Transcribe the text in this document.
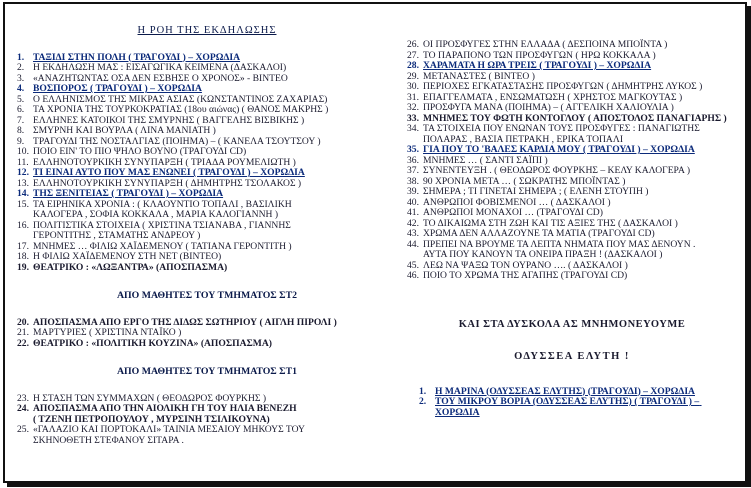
Η ΡΟΗ ΤΗΣ ΕΚΔΗΛΩΣΗΣ
1. ΤΑΞΙΔΙ ΣΤΗΝ ΠΟΛΗ ( ΤΡΑΓΟΥΔΙ ) – ΧΟΡΩΔΙΑ
2. Η ΕΚΔΗΛΩΣΗ ΜΑΣ : ΕΙΣΑΓΩΓΙΚΑ ΚΕΙΜΕΝΑ (ΔΑΣΚΑΛΟΙ)
3. «ΑΝΑΖΗΤΩΝΤΑΣ ΟΣΑ ΔΕΝ ΕΣΒΗΣΕ Ο ΧΡΟΝΟΣ» - ΒΙΝΤΕΟ
4. ΒΟΣΠΟΡΟΣ ( ΤΡΑΓΟΥΔΙ ) – ΧΟΡΩΔΙΑ
5. Ο ΕΛΛΗΝΙΣΜΟΣ ΤΗΣ ΜΙΚΡΑΣ ΑΣΙΑΣ (ΚΩΝΣΤΑΝΤΙΝΟΣ ΖΑΧΑΡΙΑΣ)
6. ΤΑ ΧΡΟΝΙΑ ΤΗΣ ΤΟΥΡΚΟΚΡΑΤΙΑΣ (18ου αιώνας) ( ΘΑΝΟΣ ΜΑΚΡΗΣ )
7. ΕΛΛΗΝΕΣ ΚΑΤΟΙΚΟΙ ΤΗΣ ΣΜΥΡΝΗΣ ( ΒΑΓΓΕΛΗΣ ΒΙΣΒΙΚΗΣ )
8. ΣΜΥΡΝΗ ΚΑΙ ΒΟΥΡΛΑ ( ΛΙΝΑ ΜΑΝΙΑΤΗ )
9. ΤΡΑΓΟΥΔΙ ΤΗΣ ΝΟΣΤΑΛΓΙΑΣ (ΠΟΙΗΜΑ) – ( ΚΑΝΕΛΑ ΤΣΟΥΤΣΟΥ )
10. ΠΟΙΟ ΕΙΝ' ΤΟ ΠΙΟ ΨΗΛΟ ΒΟΥΝΟ (ΤΡΑΓΟΥΔΙ CD)
11. ΕΛΛΗΝΟΤΟΥΡΚΙΚΗ ΣΥΝΥΠΑΡΞΗ ( ΤΡΙΑΔΑ ΡΟΥΜΕΛΙΩΤΗ )
12. ΤΙ ΕΙΝΑΙ ΑΥΤΟ ΠΟΥ ΜΑΣ ΕΝΩΝΕΙ ( ΤΡΑΓΟΥΔΙ ) – ΧΟΡΩΔΙΑ
13. ΕΛΛΗΝΟΤΟΥΡΚΙΚΗ ΣΥΝΥΠΑΡΞΗ ( ΔΗΜΗΤΡΗΣ ΤΣΟΛΑΚΟΣ )
14. ΤΗΣ ΞΕΝΙΤΕΙΑΣ ( ΤΡΑΓΟΥΔΙ ) – ΧΟΡΩΔΙΑ
15. ΤΑ ΕΙΡΗΝΙΚΑ ΧΡΟΝΙΑ : ( ΚΛΑΟΥΝΤΙΟ ΤΟΠΑΛΙ , ΒΑΣΙΛΙΚΗ
ΚΑΛΟΓΕΡΑ , ΣΟΦΙΑ ΚΟΚΚΑΛΑ , ΜΑΡΙΑ ΚΑΛΟΓΙΑΝΝΗ )
16. ΠΟΛΙΤΙΣΤΙΚΑ ΣΤΟΙΧΕΙΑ ( ΧΡΙΣΤΙΝΑ ΤΣΙΑΝΑΒΑ , ΓΙΑΝΝΗΣ
ΓΕΡΟΝΤΙΤΗΣ , ΣΤΑΜΑΤΗΣ ΑΝΔΡΕΟΥ )
17. ΜΝΗΜΕΣ … ΦΙΛΙΩ ΧΑΪΔΕΜΕΝΟΥ ( ΤΑΤΙΑΝΑ ΓΕΡΟΝΤΙΤΗ )
18. Η ΦΙΛΙΩ ΧΑΪΔΕΜΕΝΟΥ ΣΤΗ ΝΕΤ (ΒΙΝΤΕΟ)
19. ΘΕΑΤΡΙΚΟ : «ΛΩΞΑΝΤΡΑ» (ΑΠΟΣΠΑΣΜΑ)
ΑΠΟ ΜΑΘΗΤΕΣ ΤΟΥ ΤΜΗΜΑΤΟΣ ΣΤ2
20. ΑΠΟΣΠΑΣΜΑ ΑΠΟ ΕΡΓΟ ΤΗΣ ΔΙΔΩΣ ΣΩΤΗΡΙΟΥ ( ΑΙΓΛΗ ΠΙΡΟΛΙ )
21. ΜΑΡΤΥΡΙΕΣ ( ΧΡΙΣΤΙΝΑ ΝΤΑΪΚΟ )
22. ΘΕΑΤΡΙΚΟ : «ΠΟΛΙΤΙΚΗ ΚΟΥΖΙΝΑ» (ΑΠΟΣΠΑΣΜΑ)
ΑΠΟ ΜΑΘΗΤΕΣ ΤΟΥ ΤΜΗΜΑΤΟΣ ΣΤ1
23. Η ΣΤΑΣΗ ΤΩΝ ΣΥΜΜΑΧΩΝ ( ΘΕΟΔΩΡΟΣ ΦΟΥΡΚΗΣ )
24. ΑΠΟΣΠΑΣΜΑ ΑΠΟ ΤΗΝ ΑΙΟΛΙΚΗ ΓΗ ΤΟΥ ΗΛΙΑ ΒΕΝΕΖΗ
( ΤΖΕΝΗ ΠΕΤΡΟΠΟΥΛΟΥ , ΜΥΡΣΙΝΗ ΤΣΙΛΙΚΟΥΝΑ)
25. «ΓΑΛΑΖΙΟ ΚΑΙ ΠΟΡΤΟΚΑΛΙ» ΤΑΙΝΙΑ ΜΕΣΑΙΟΥ ΜΗΚΟΥΣ ΤΟΥ
ΣΚΗΝΟΘΕΤΗ ΣΤΕΦΑΝΟΥ ΣΙΤΑΡΑ .
26. ΟΙ ΠΡΟΣΦΥΓΕΣ ΣΤΗΝ ΕΛΛΑΔΑ ( ΔΕΣΠΟΙΝΑ ΜΠΟΪΝΤΑ )
27. ΤΟ ΠΑΡΑΠΟΝΟ ΤΩΝ ΠΡΟΣΦΥΓΩΝ ( ΗΡΩ ΚΟΚΚΑΛΑ )
28. ΧΑΡΑΜΑΤΑ Η ΩΡΑ ΤΡΕΙΣ ( ΤΡΑΓΟΥΔΙ ) – ΧΟΡΩΔΙΑ
29. ΜΕΤΑΝΑΣΤΕΣ ( ΒΙΝΤΕΟ )
30. ΠΕΡΙΟΧΕΣ ΕΓΚΑΤΑΣΤΑΣΗΣ ΠΡΟΣΦΥΓΩΝ ( ΔΗΜΗΤΡΗΣ ΛΥΚΟΣ )
31. ΕΠΑΓΓΕΛΜΑΤΑ , ΕΝΣΩΜΑΤΩΣΗ ( ΧΡΗΣΤΟΣ ΜΑΓΚΟΥΤΑΣ )
32. ΠΡΟΣΦΥΓΑ ΜΑΝΑ (ΠΟΙΗΜΑ) – ( ΑΓΓΕΛΙΚΗ ΧΑΛΙΟΥΛΙΑ )
33. ΜΝΗΜΕΣ ΤΟΥ ΦΩΤΗ ΚΟΝΤΟΓΛΟΥ ( ΑΠΟΣΤΟΛΟΣ ΠΑΝΑΓΙΑΡΗΣ )
34. ΤΑ ΣΤΟΙΧΕΙΑ ΠΟΥ ΕΝΩΝΑΝ ΤΟΥΣ ΠΡΟΣΦΥΓΕΣ : ΠΑΝΑΓΙΩΤΗΣ
ΠΟΛΑΡΑΣ , ΒΑΣΙΑ ΠΕΤΡΑΚΗ , ΕΡΙΚΑ ΤΟΠΑΛΙ
35. ΓΙΑ ΠΟΥ ΤΟ 'ΒΑΛΕΣ ΚΑΡΔΙΑ ΜΟΥ ( ΤΡΑΓΟΥΔΙ ) – ΧΟΡΩΔΙΑ
36. ΜΝΗΜΕΣ … ( ΣΑΝΤΙ ΣΑΪΠΙ )
37. ΣΥΝΕΝΤΕΥΞΗ . ( ΘΕΟΔΩΡΟΣ ΦΟΥΡΚΗΣ – ΚΕΛΥ ΚΑΛΟΓΕΡΑ )
38. 90 ΧΡΟΝΙΑ ΜΕΤΑ … ( ΣΩΚΡΑΤΗΣ ΜΠΟΪΝΤΑΣ )
39. ΣΗΜΕΡΑ ; ΤΙ ΓΙΝΕΤΑΙ ΣΗΜΕΡΑ ; ( ΕΛΕΝΗ ΣΤΟΥΠΗ )
40. ΑΝΘΡΩΠΟΙ ΦΟΒΙΣΜΕΝΟΙ … ( ΔΑΣΚΑΛΟΙ )
41. ΑΝΘΡΩΠΟΙ ΜΟΝΑΧΟΙ … (ΤΡΑΓΟΥΔΙ CD)
42. ΤΟ ΔΙΚΑΙΩΜΑ ΣΤΗ ΖΩΗ ΚΑΙ ΤΙΣ ΑΞΙΕΣ ΤΗΣ ( ΔΑΣΚΑΛΟΙ )
43. ΧΡΩΜΑ ΔΕΝ ΑΛΛΑΖΟΥΝΕ ΤΑ ΜΑΤΙΑ (ΤΡΑΓΟΥΔΙ CD)
44. ΠΡΕΠΕΙ ΝΑ ΒΡΟΥΜΕ ΤΑ ΛΕΠΤΑ ΝΗΜΑΤΑ ΠΟΥ ΜΑΣ ΔΕΝΟΥΝ .
ΑΥΤΑ ΠΟΥ ΚΑΝΟΥΝ ΤΑ ΟΝΕΙΡΑ ΠΡΑΞΗ ! (ΔΑΣΚΑΛΟΙ )
45. ΛΕΩ ΝΑ ΨΑΞΩ ΤΟΝ ΟΥΡΑΝΟ …. ( ΔΑΣΚΑΛΟΙ )
46. ΠΟΙΟ ΤΟ ΧΡΩΜΑ ΤΗΣ ΑΓΑΠΗΣ (ΤΡΑΓΟΥΔΙ CD)
ΚΑΙ ΣΤΑ ΔΥΣΚΟΛΑ ΑΣ ΜΝΗΜΟΝΕΥΟΥΜΕ
ΟΔΥΣΣΕΑ ΕΛΥΤΗ !
1. Η ΜΑΡΙΝΑ (ΟΔΥΣΣΕΑΣ ΕΛΥΤΗΣ) (ΤΡΑΓΟΥΔΙ) – ΧΟΡΩΔΙΑ
2. ΤΟΥ ΜΙΚΡΟΥ ΒΟΡΙΑ (ΟΔΥΣΣΕΑΣ ΕΛΥΤΗΣ) ( ΤΡΑΓΟΥΔΙ ) – ΧΟΡΩΔΙΑ
